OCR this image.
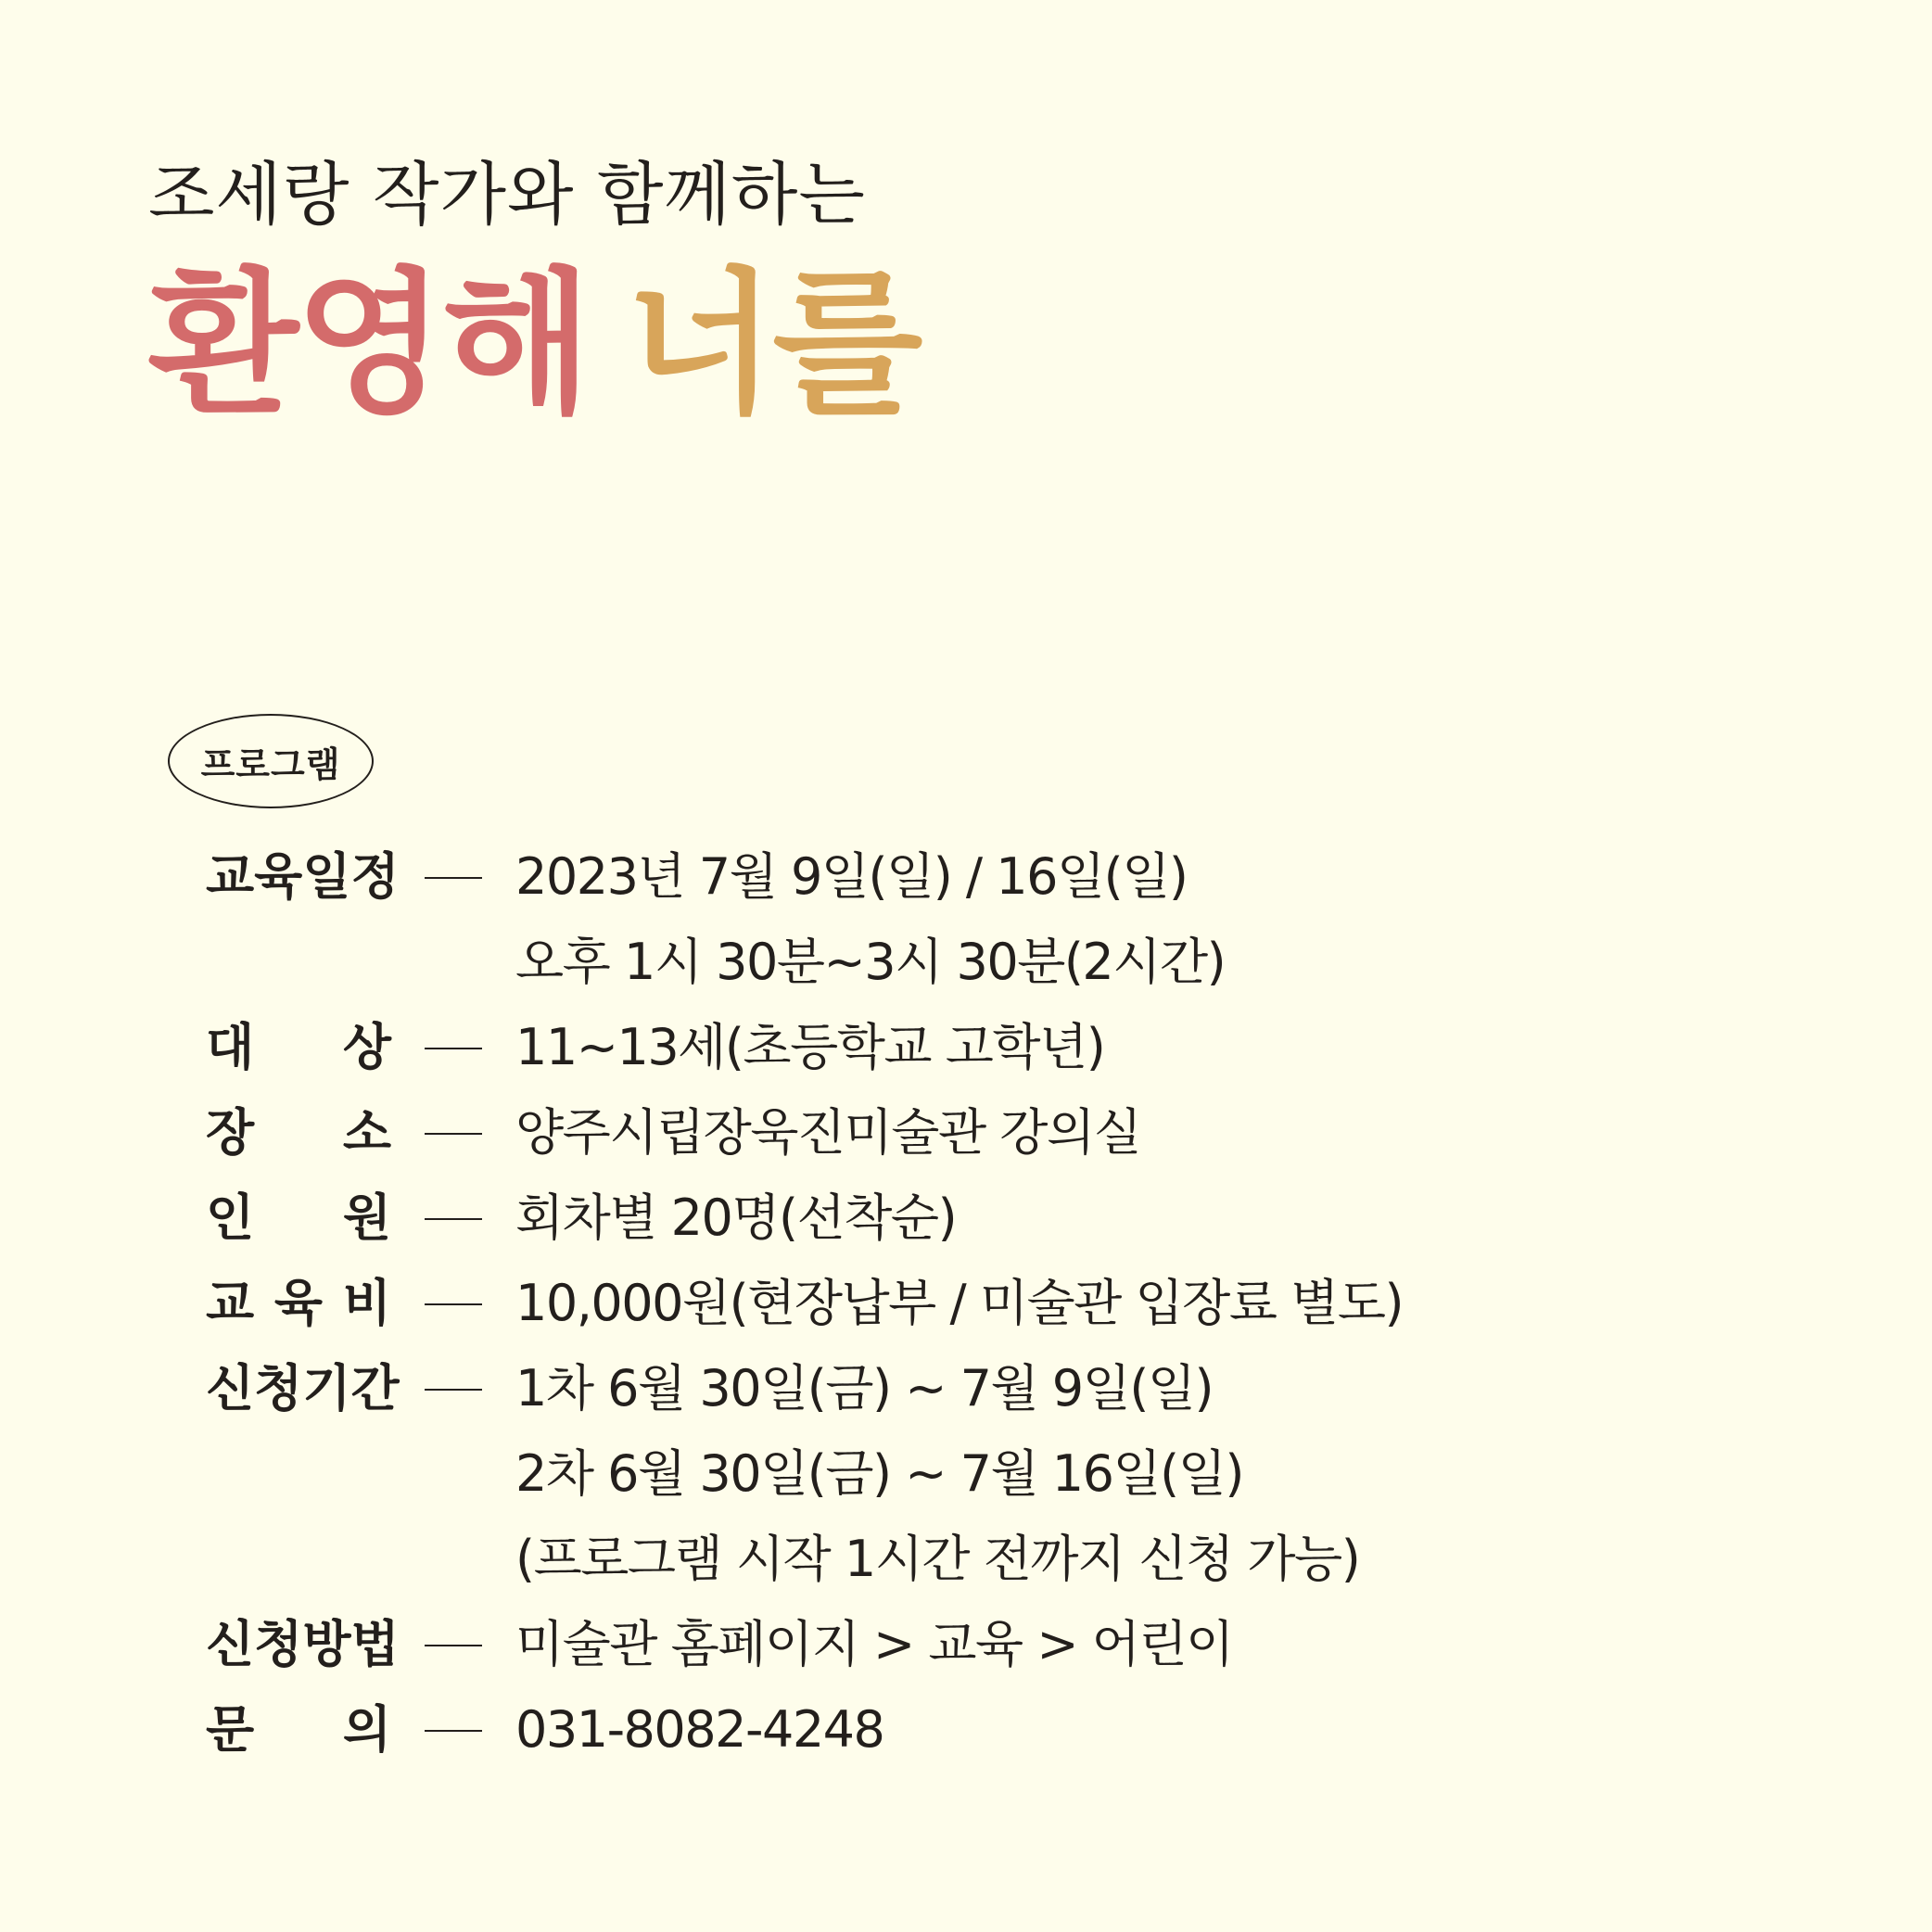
조세랑 작가와 함께하는
환영해 너를
프로그램
교 육 일 정 2023년 7월 9일(일) / 16일(일)
오후 1시 30분~3시 30분(2시간)
대 상 11~13세(초등학교 고학년)
장 소 양주시립장욱진미술관 강의실
인 원 회차별 20명(선착순)
교 육 비 10,000원(현장납부 / 미술관 입장료 별도)
신 청 기 간 1차 6월 30일(금) ~ 7월 9일(일)
2차 6월 30일(금) ~ 7월 16일(일)
(프로그램 시작 1시간 전까지 신청 가능)
신 청 방 법 미술관 홈페이지 > 교육 > 어린이
문 의 031-8082-4248
